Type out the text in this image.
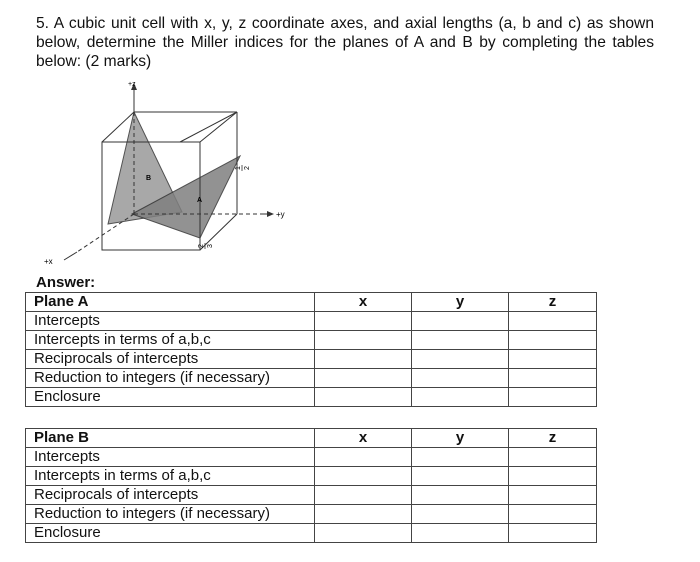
5. A cubic unit cell with x, y, z coordinate axes, and axial lengths (a, b and c) as shown below, determine the Miller indices for the planes of A and B by completing the tables below: (2 marks)
+z
+y
+x
B
A
1 2
2 3
Answer:
Plane A	x	y	z
Intercepts			
Intercepts in terms of a,b,c			
Reciprocals of intercepts			
Reduction to integers (if necessary)			
Enclosure			
Plane B	x	y	z
Intercepts			
Intercepts in terms of a,b,c			
Reciprocals of intercepts			
Reduction to integers (if necessary)			
Enclosure			
